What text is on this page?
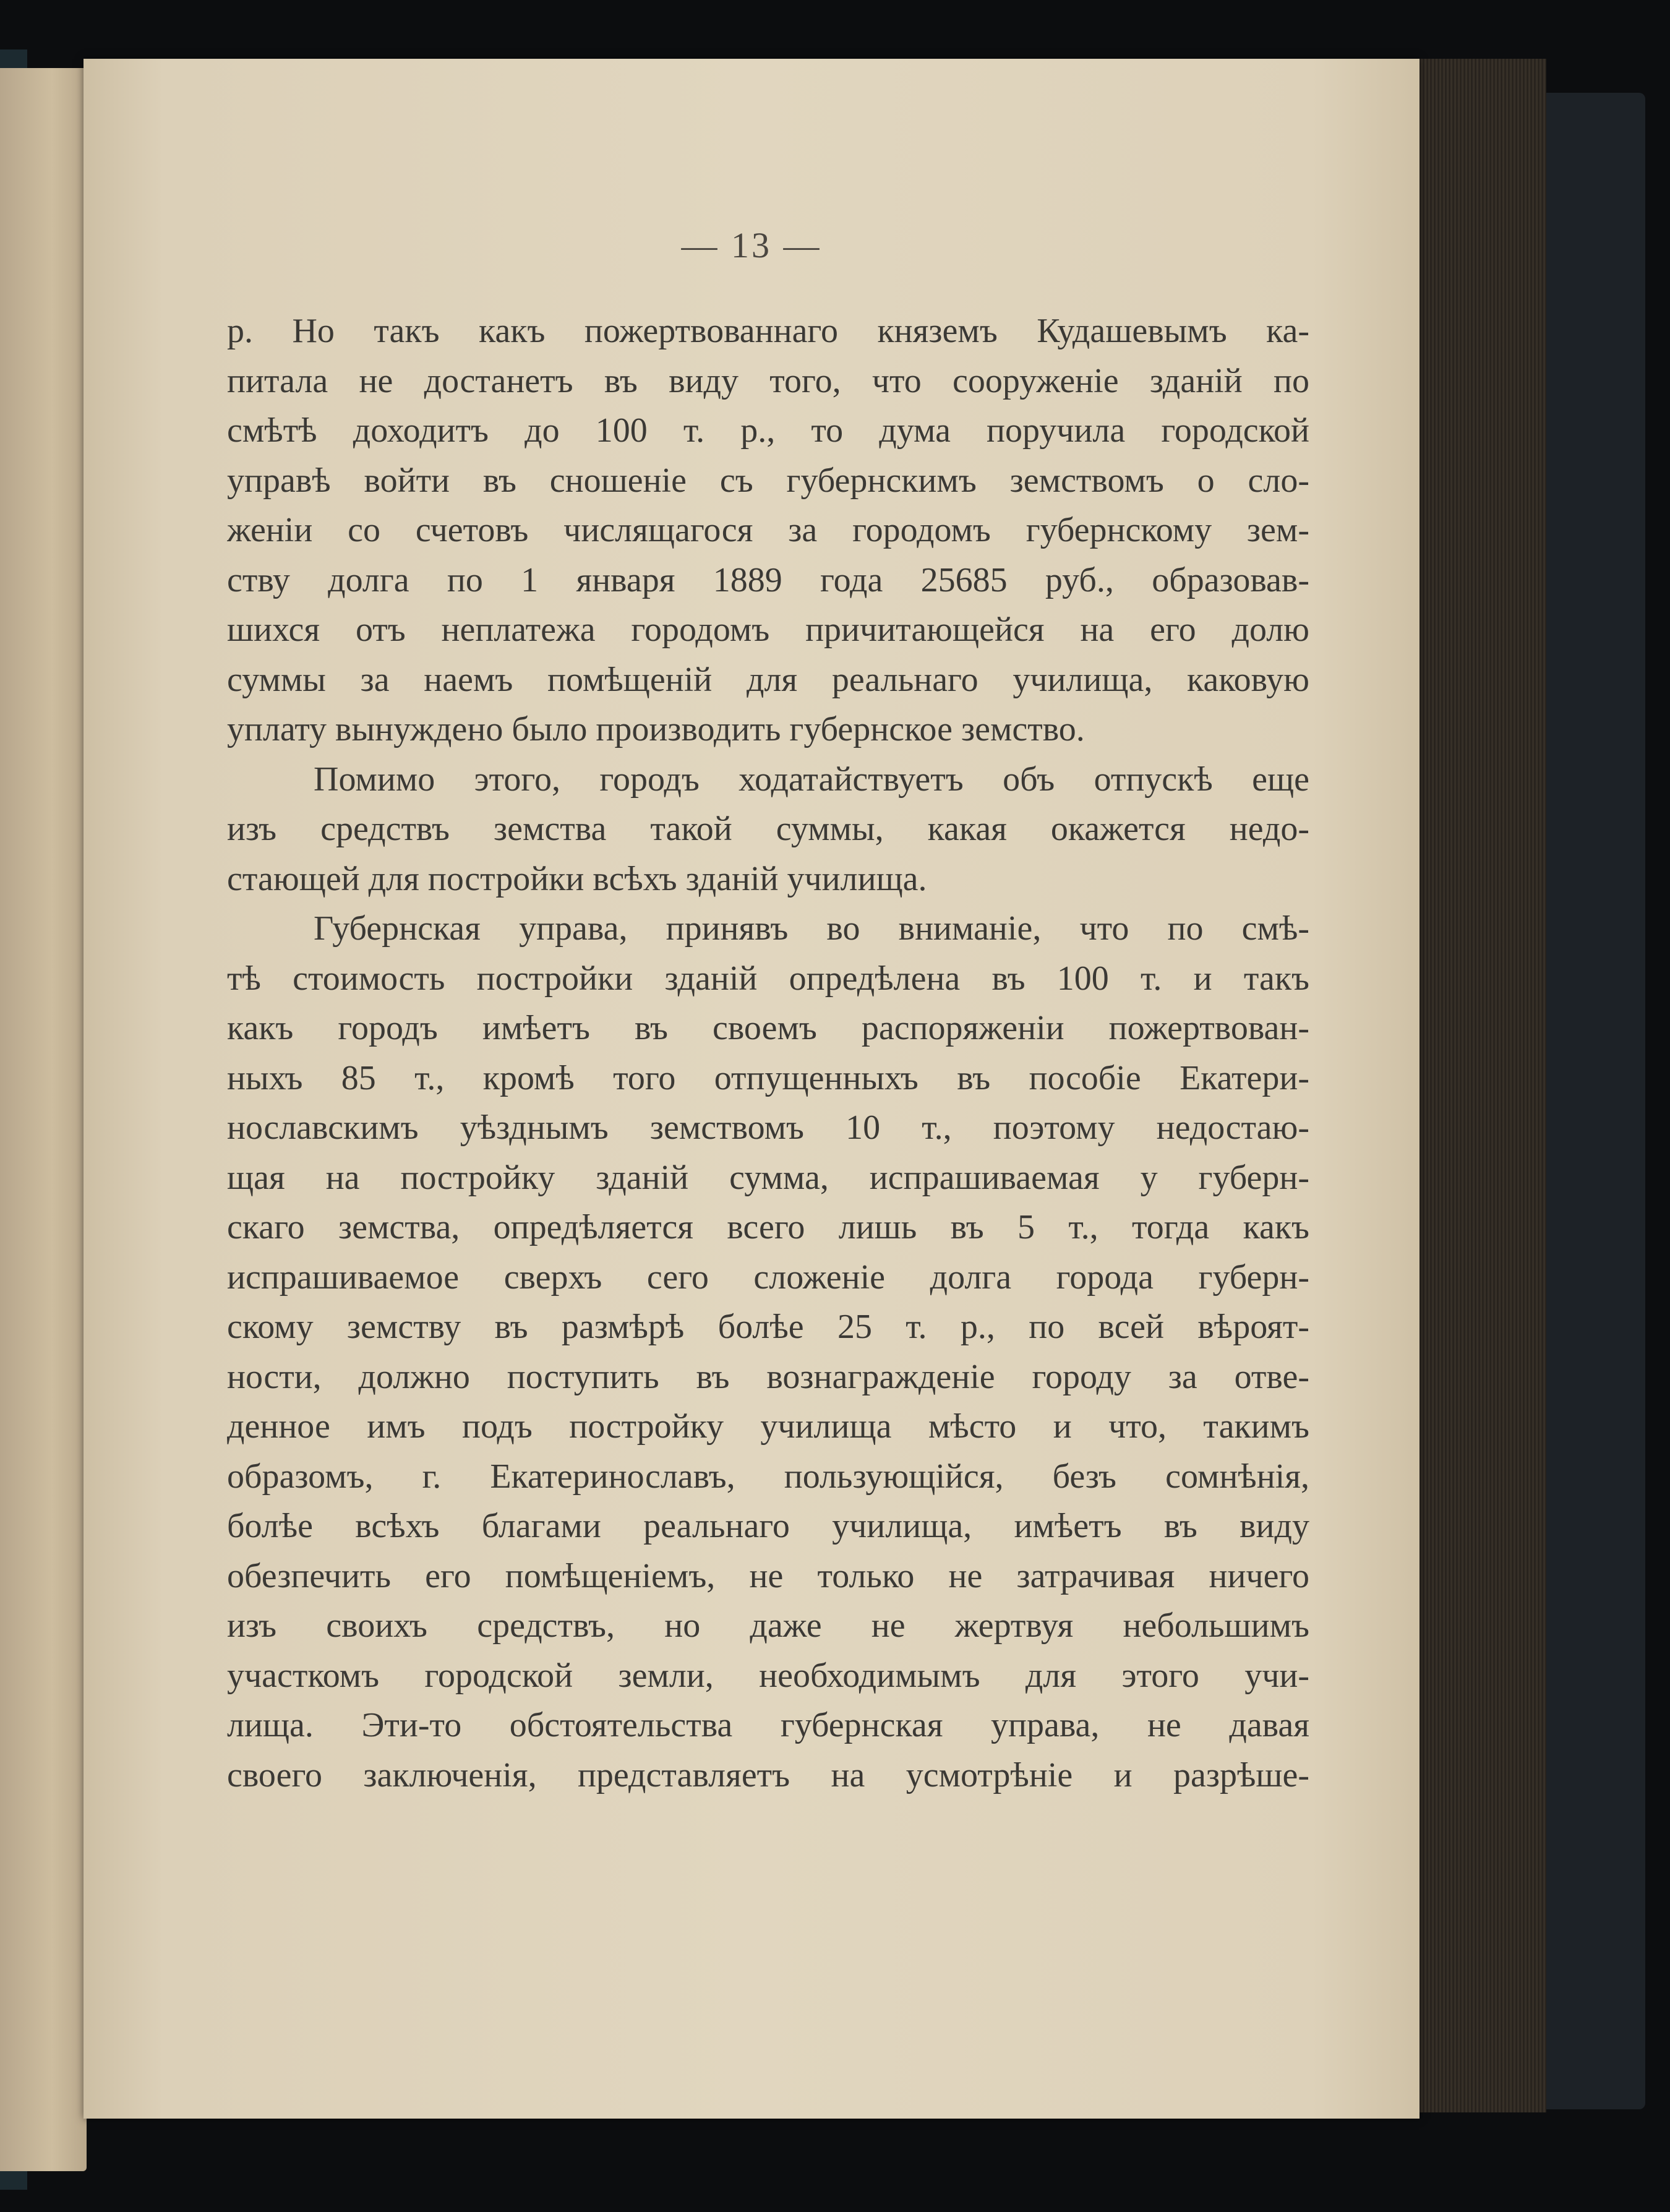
— 13 —
р. Но такъ какъ пожертвованнаго княземъ Кудашевымъ ка-
питала не достанетъ въ виду того, что сооруженіе зданій по
смѣтѣ доходитъ до 100 т. р., то дума поручила городской
управѣ войти въ сношеніе съ губернскимъ земствомъ о сло-
женіи со счетовъ числящагося за городомъ губернскому зем-
ству долга по 1 января 1889 года 25685 руб., образовав-
шихся отъ неплатежа городомъ причитающейся на его долю
суммы за наемъ помѣщеній для реальнаго училища, каковую
уплату вынуждено было производить губернское земство.
Помимо этого, городъ ходатайствуетъ объ отпускѣ еще
изъ средствъ земства такой суммы, какая окажется недо-
стающей для постройки всѣхъ зданій училища.
Губернская управа, принявъ во вниманіе, что по смѣ-
тѣ стоимость постройки зданій опредѣлена въ 100 т. и такъ
какъ городъ имѣетъ въ своемъ распоряженіи пожертвован-
ныхъ 85 т., кромѣ того отпущенныхъ въ пособіе Екатери-
нославскимъ уѣзднымъ земствомъ 10 т., поэтому недостаю-
щая на постройку зданій сумма, испрашиваемая у губерн-
скаго земства, опредѣляется всего лишь въ 5 т., тогда какъ
испрашиваемое сверхъ сего сложеніе долга города губерн-
скому земству въ размѣрѣ болѣе 25 т. р., по всей вѣроят-
ности, должно поступить въ вознагражденіе городу за отве-
денное имъ подъ постройку училища мѣсто и что, такимъ
образомъ, г. Екатеринославъ, пользующійся, безъ сомнѣнія,
болѣе всѣхъ благами реальнаго училища, имѣетъ въ виду
обезпечить его помѣщеніемъ, не только не затрачивая ничего
изъ своихъ средствъ, но даже не жертвуя небольшимъ
участкомъ городской земли, необходимымъ для этого учи-
лища. Эти-то обстоятельства губернская управа, не давая
своего заключенія, представляетъ на усмотрѣніе и разрѣше-
